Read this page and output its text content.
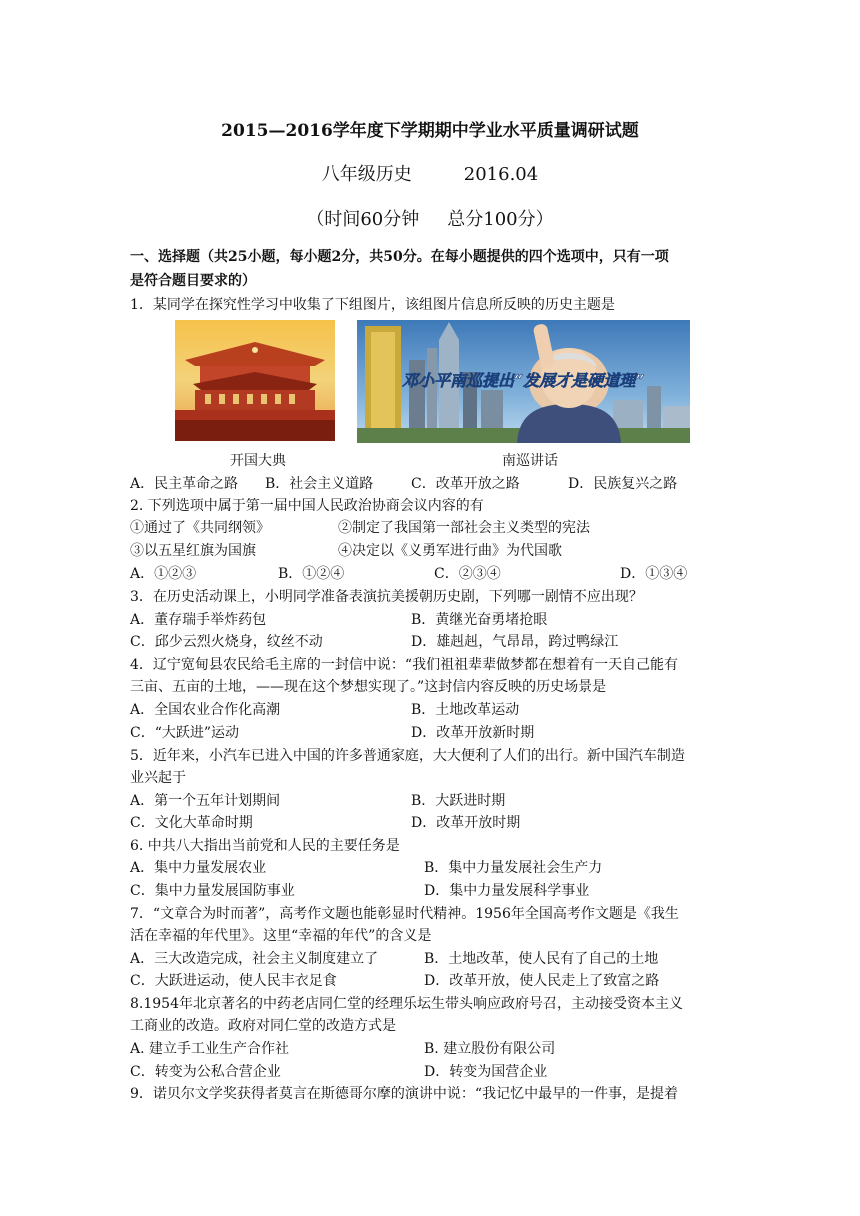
2015—2016学年度下学期期中学业水平质量调研试题
八年级历史	2016.04
（时间60分钟 总分100分）
一、选择题（共25小题，每小题2分，共50分。在每小题提供的四个选项中，只有一项
是符合题目要求的）
1．某同学在探究性学习中收集了下组图片，该组图片信息所反映的历史主题是
开国大典
邓小平南巡提出“发展才是硬道理”
南巡讲话
A．民主革命之路 B．社会主义道路	C．改革开放之路	D．民族复兴之路
2. 下列选项中属于第一届中国人民政治协商会议内容的有
①通过了《共同纲领》	②制定了我国第一部社会主义类型的宪法
③以五星红旗为国旗	④决定以《义勇军进行曲》为代国歌
A．①②③	B．①②④	C．②③④	D．①③④
3．在历史活动课上，小明同学准备表演抗美援朝历史剧，下列哪一剧情不应出现？
A．董存瑞手举炸药包	B．黄继光奋勇堵抢眼
C．邱少云烈火烧身，纹丝不动	D．雄赳赳，气昂昂，跨过鸭绿江
4．辽宁宽甸县农民给毛主席的一封信中说：“我们祖祖辈辈做梦都在想着有一天自己能有
三亩、五亩的土地，——现在这个梦想实现了。”这封信内容反映的历史场景是
A．全国农业合作化高潮	B．土地改革运动
C．“大跃进”运动	D．改革开放新时期
5．近年来，小汽车已进入中国的许多普通家庭，大大便利了人们的出行。新中国汽车制造
业兴起于
A．第一个五年计划期间	B．大跃进时期
C．文化大革命时期	D．改革开放时期
6. 中共八大指出当前党和人民的主要任务是
A．集中力量发展农业	B．集中力量发展社会生产力
C．集中力量发展国防事业	D．集中力量发展科学事业
7．“文章合为时而著”，高考作文题也能彰显时代精神。1956年全国高考作文题是《我生
活在幸福的年代里》。这里“幸福的年代”的含义是
A．三大改造完成，社会主义制度建立了	B．土地改革，使人民有了自己的土地
C．大跃进运动，使人民丰衣足食	D．改革开放，使人民走上了致富之路
8.1954年北京著名的中药老店同仁堂的经理乐坛生带头响应政府号召，主动接受资本主义
工商业的改造。政府对同仁堂的改造方式是
A. 建立手工业生产合作社	B. 建立股份有限公司
C．转变为公私合营企业	D．转变为国营企业
9．诺贝尔文学奖获得者莫言在斯德哥尔摩的演讲中说：“我记忆中最早的一件事，是提着
